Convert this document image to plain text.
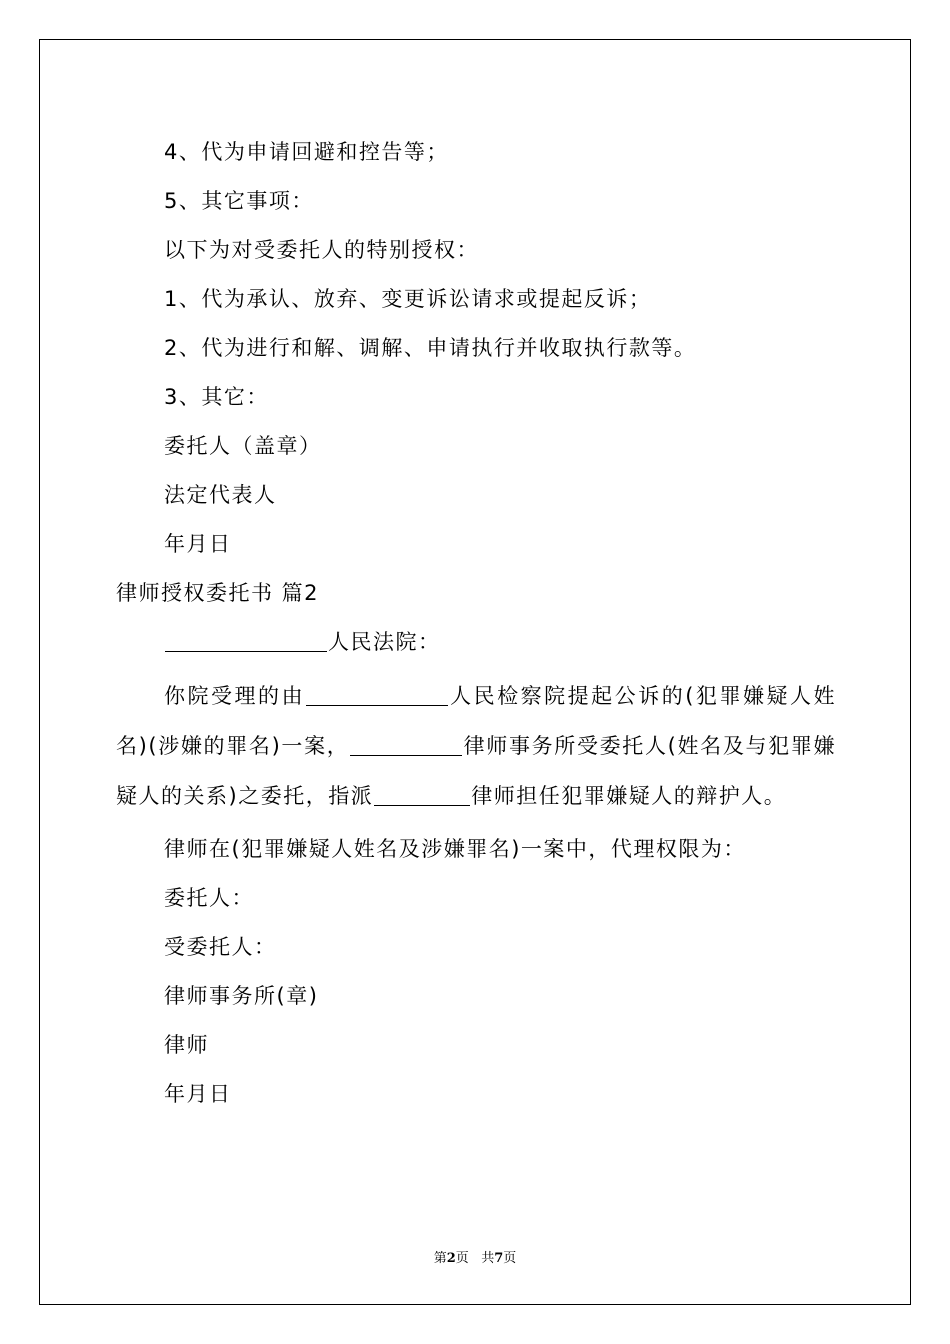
4、代为申请回避和控告等；

5、其它事项：

以下为对受委托人的特别授权：

1、代为承认、放弃、变更诉讼请求或提起反诉；

2、代为进行和解、调解、申请执行并收取执行款等。

3、其它：

委托人（盖章）

法定代表人

年月日

律师授权委托书 篇2

人民法院：

你院受理的由	人民检察院提起公诉的(犯罪嫌疑人姓名)(涉嫌的罪名)一案，	律师事务所受委托人(姓名及与犯罪嫌疑人的关系)之委托，指派	律师担任犯罪嫌疑人的辩护人。

律师在(犯罪嫌疑人姓名及涉嫌罪名)一案中，代理权限为：

委托人：

受委托人：

律师事务所(章)

律师

年月日

第2页 共7页
